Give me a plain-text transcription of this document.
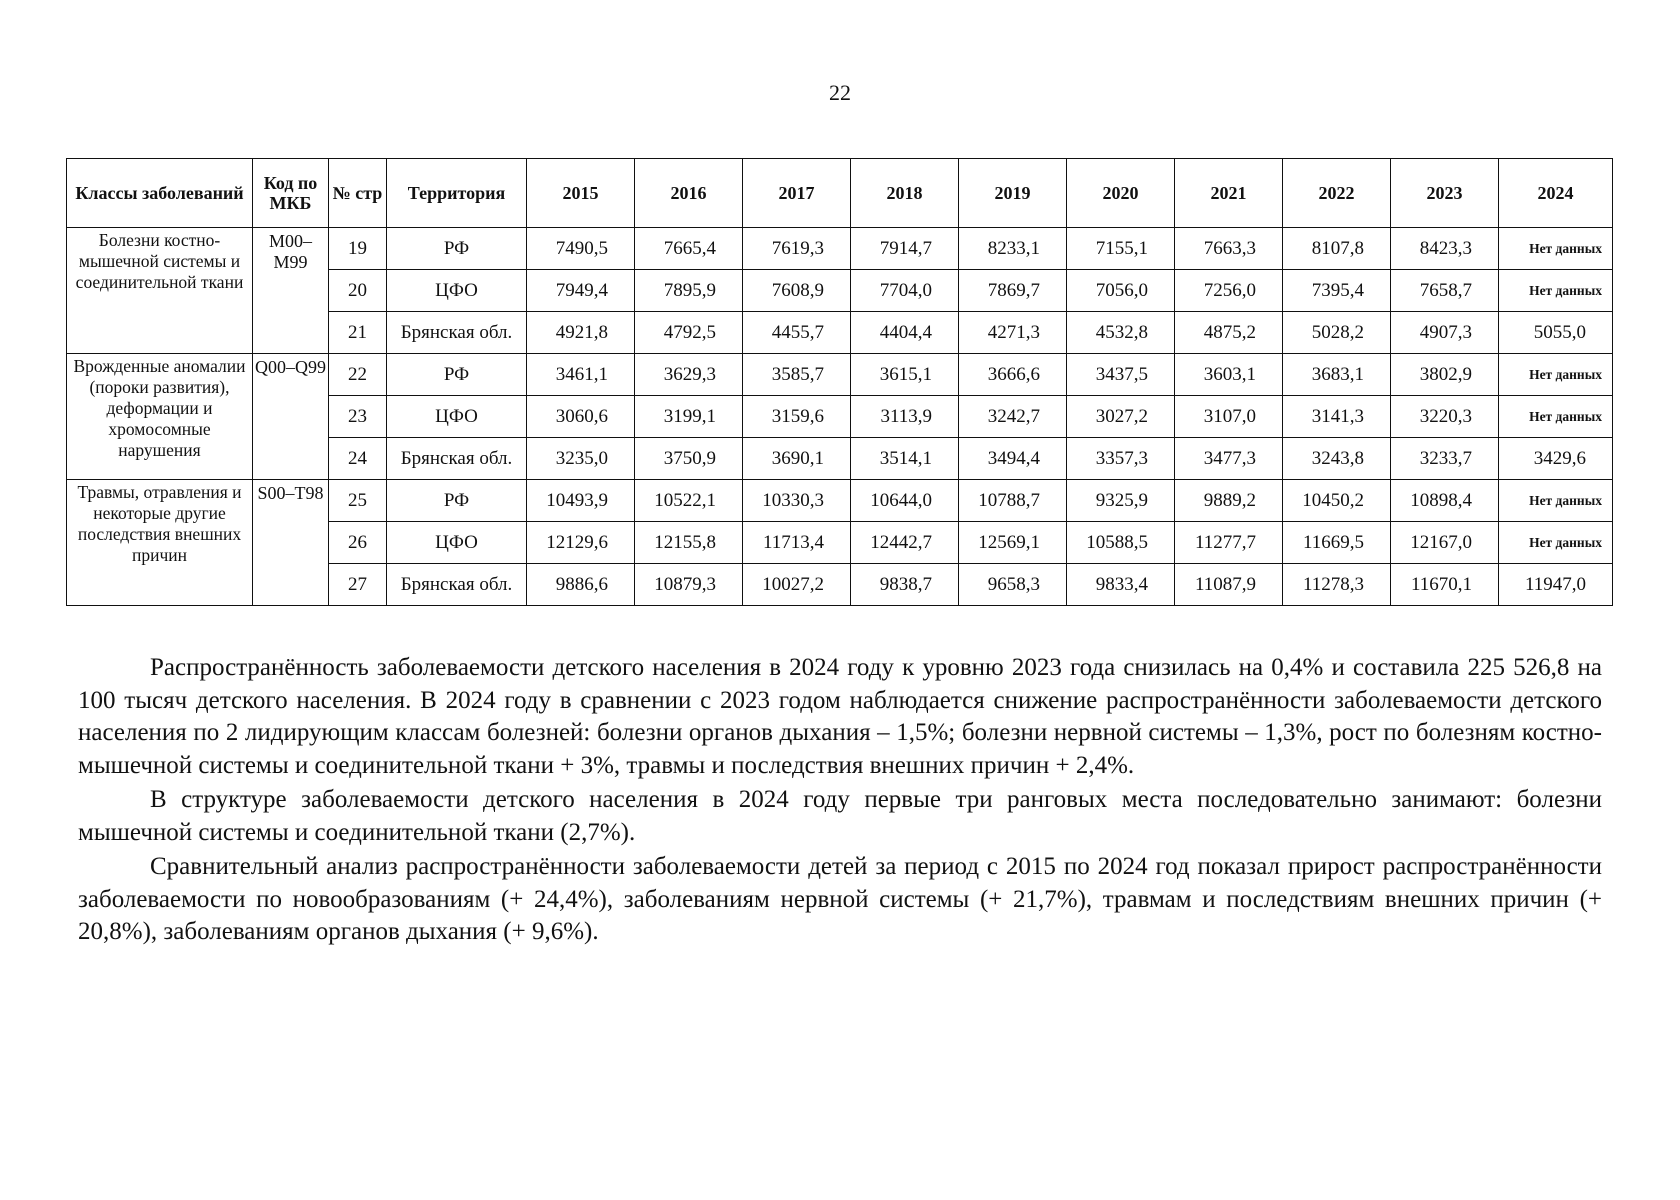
22
Классы заболеваний	Код по МКБ	№ стр	Территория	2015	2016	2017	2018	2019	2020	2021	2022	2023	2024
Болезни костно-мышечной системы и соединительной ткани	M00–M99	19	РФ	7490,5	7665,4	7619,3	7914,7	8233,1	7155,1	7663,3	8107,8	8423,3	Нет данных
		20	ЦФО	7949,4	7895,9	7608,9	7704,0	7869,7	7056,0	7256,0	7395,4	7658,7	Нет данных
		21	Брянская обл.	4921,8	4792,5	4455,7	4404,4	4271,3	4532,8	4875,2	5028,2	4907,3	5055,0
Врожденные аномалии (пороки развития), деформации и хромосомные нарушения	Q00–Q99	22	РФ	3461,1	3629,3	3585,7	3615,1	3666,6	3437,5	3603,1	3683,1	3802,9	Нет данных
		23	ЦФО	3060,6	3199,1	3159,6	3113,9	3242,7	3027,2	3107,0	3141,3	3220,3	Нет данных
		24	Брянская обл.	3235,0	3750,9	3690,1	3514,1	3494,4	3357,3	3477,3	3243,8	3233,7	3429,6
Травмы, отравления и некоторые другие последствия внешних причин	S00–T98	25	РФ	10493,9	10522,1	10330,3	10644,0	10788,7	9325,9	9889,2	10450,2	10898,4	Нет данных
		26	ЦФО	12129,6	12155,8	11713,4	12442,7	12569,1	10588,5	11277,7	11669,5	12167,0	Нет данных
		27	Брянская обл.	9886,6	10879,3	10027,2	9838,7	9658,3	9833,4	11087,9	11278,3	11670,1	11947,0

Распространённость заболеваемости детского населения в 2024 году к уровню 2023 года снизилась на 0,4% и составила 225 526,8 на 100 тысяч детского населения. В 2024 году в сравнении с 2023 годом наблюдается снижение распространённости заболеваемости детского населения по 2 лидирующим классам болезней: болезни органов дыхания – 1,5%; болезни нервной системы – 1,3%, рост по болезням костно-мышечной системы и соединительной ткани + 3%, травмы и последствия внешних причин + 2,4%.

В структуре заболеваемости детского населения в 2024 году первые три ранговых места последовательно занимают: болезни мышечной системы и соединительной ткани (2,7%).

Сравнительный анализ распространённости заболеваемости детей за период с 2015 по 2024 год показал прирост распространённости заболеваемости по новообразованиям (+ 24,4%), заболеваниям нервной системы (+ 21,7%), травмам и последствиям внешних причин (+ 20,8%), заболеваниям органов дыхания (+ 9,6%).
